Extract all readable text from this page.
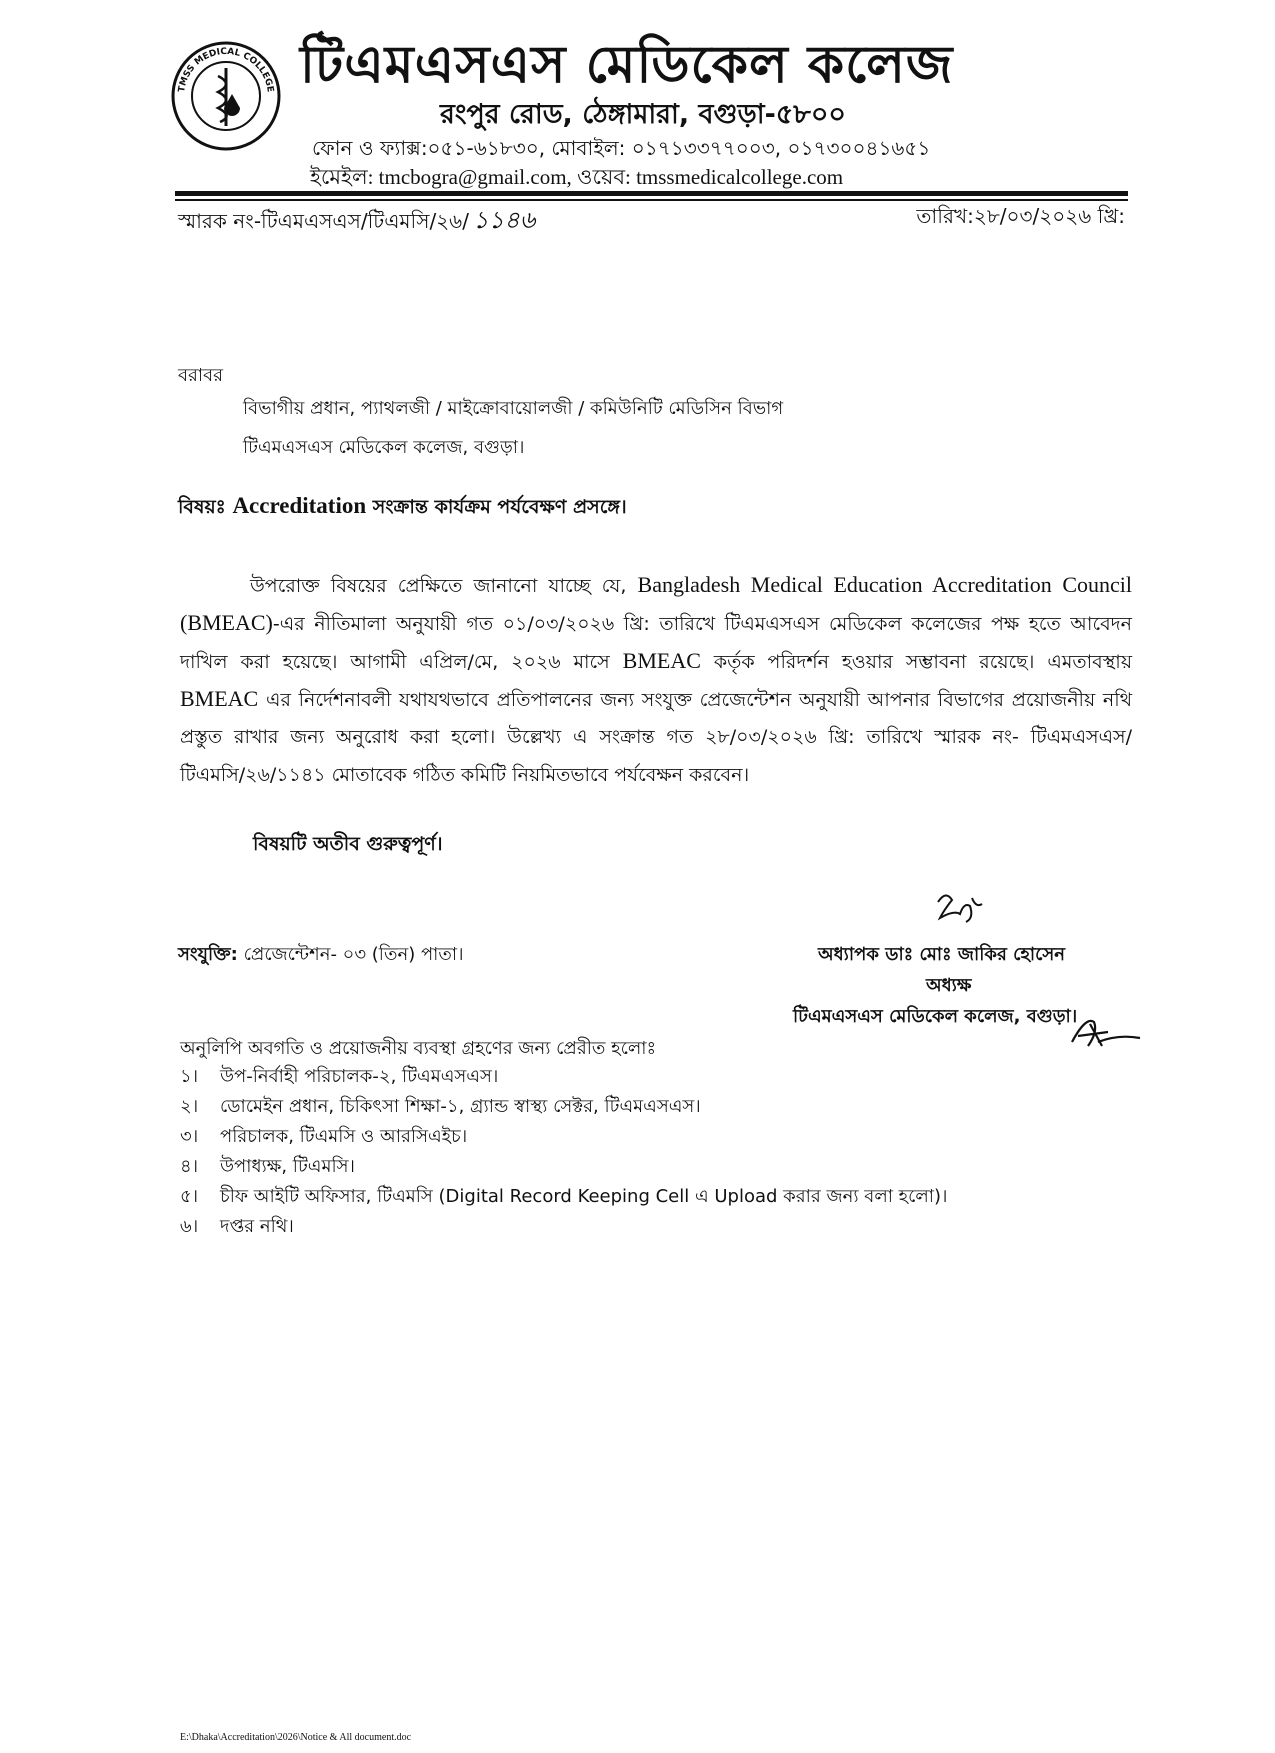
TMSS MEDICAL COLLEGE টিএমএসএস মেডিকেল কলেজ
রংপুর রোড, ঠেঙ্গামারা, বগুড়া-৫৮০০
ফোন ও ফ্যাক্স:০৫১-৬১৮৩০, মোবাইল: ০১৭১৩৩৭৭০০৩, ০১৭৩০০৪১৬৫১
ইমেইল: tmcbogra@gmail.com, ওয়েব: tmssmedicalcollege.com
স্মারক নং-টিএমএসএস/টিএমসি/২৬/ ১১৪৬	তারিখ:২৮/০৩/২০২৬ খ্রি:
বরাবর
বিভাগীয় প্রধান, প্যাথলজী / মাইক্রোবায়োলজী / কমিউনিটি মেডিসিন বিভাগ
টিএমএসএস মেডিকেল কলেজ, বগুড়া।
বিষয়ঃ Accreditation সংক্রান্ত কার্যক্রম পর্যবেক্ষণ প্রসঙ্গে।
উপরোক্ত বিষয়ের প্রেক্ষিতে জানানো যাচ্ছে যে, Bangladesh Medical Education Accreditation Council
(BMEAC)-এর নীতিমালা অনুযায়ী গত ০১/০৩/২০২৬ খ্রি: তারিখে টিএমএসএস মেডিকেল কলেজের পক্ষ হতে আবেদন
দাখিল করা হয়েছে। আগামী এপ্রিল/মে, ২০২৬ মাসে BMEAC কর্তৃক পরিদর্শন হওয়ার সম্ভাবনা রয়েছে। এমতাবস্থায়
BMEAC এর নির্দেশনাবলী যথাযথভাবে প্রতিপালনের জন্য সংযুক্ত প্রেজেন্টেশন অনুযায়ী আপনার বিভাগের প্রয়োজনীয় নথি
প্রস্তুত রাখার জন্য অনুরোধ করা হলো। উল্লেখ্য এ সংক্রান্ত গত ২৮/০৩/২০২৬ খ্রি: তারিখে স্মারক নং- টিএমএসএস/
টিএমসি/২৬/১১৪১ মোতাবেক গঠিত কমিটি নিয়মিতভাবে পর্যবেক্ষন করবেন।
বিষয়টি অতীব গুরুত্বপূর্ণ।
সংযুক্তি: প্রেজেন্টেশন- ০৩ (তিন) পাতা।	অধ্যাপক ডাঃ মোঃ জাকির হোসেন
অধ্যক্ষ
টিএমএসএস মেডিকেল কলেজ, বগুড়া।
অনুলিপি অবগতি ও প্রয়োজনীয় ব্যবস্থা গ্রহণের জন্য প্রেরীত হলোঃ
১। উপ-নির্বাহী পরিচালক-২, টিএমএসএস।
২। ডোমেইন প্রধান, চিকিৎসা শিক্ষা-১, গ্র্যান্ড স্বাস্থ্য সেক্টর, টিএমএসএস।
৩। পরিচালক, টিএমসি ও আরসিএইচ।
৪। উপাধ্যক্ষ, টিএমসি।
৫। চীফ আইটি অফিসার, টিএমসি (Digital Record Keeping Cell এ Upload করার জন্য বলা হলো)।
৬। দপ্তর নথি।
E:\Dhaka\Accreditation\2026\Notice & All document.doc
